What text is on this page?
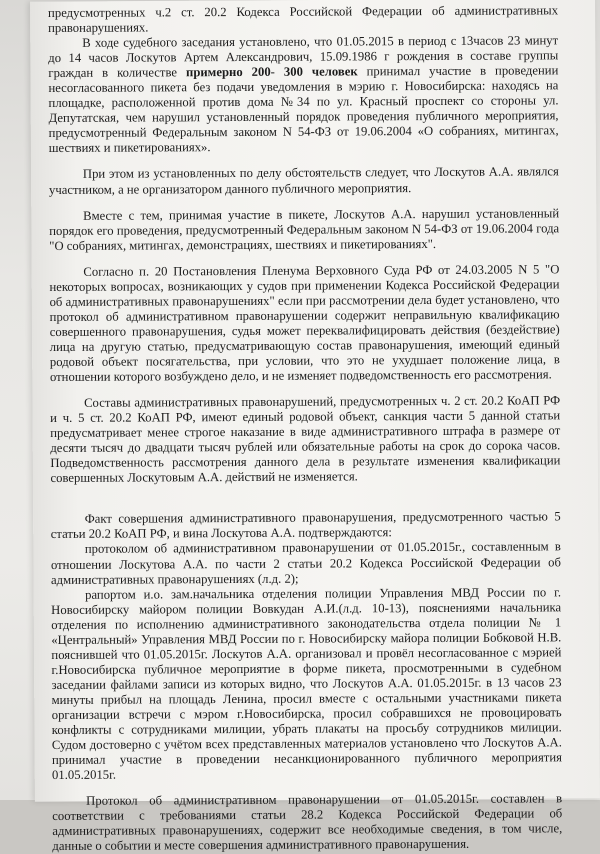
предусмотренных ч.2 ст. 20.2 Кодекса Российской Федерации об административных правонарушениях.

В ходе судебного заседания установлено, что 01.05.2015 в период с 13часов 23 минут до 14 часов Лоскутов Артем Александрович, 15.09.1986 г рождения в составе группы граждан в количестве примерно 200- 300 человек принимал участие в проведении несогласованного пикета без подачи уведомления в мэрию г. Новосибирска: находясь на площадке, расположенной против дома №34 по ул. Красный проспект со стороны ул. Депутатская, чем нарушил установленный порядок проведения публичного мероприятия, предусмотренный Федеральным законом N 54-ФЗ от 19.06.2004 «О собраниях, митингах, шествиях и пикетированиях».

При этом из установленных по делу обстоятельств следует, что Лоскутов А.А. являлся участником, а не организатором данного публичного мероприятия.

Вместе с тем, принимая участие в пикете, Лоскутов А.А. нарушил установленный порядок его проведения, предусмотренный Федеральным законом N 54-ФЗ от 19.06.2004 года "О собраниях, митингах, демонстрациях, шествиях и пикетированиях".

Согласно п. 20 Постановления Пленума Верховного Суда РФ от 24.03.2005 N 5 "О некоторых вопросах, возникающих у судов при применении Кодекса Российской Федерации об административных правонарушениях" если при рассмотрении дела будет установлено, что протокол об административном правонарушении содержит неправильную квалификацию совершенного правонарушения, судья может переквалифицировать действия (бездействие) лица на другую статью, предусматривающую состав правонарушения, имеющий единый родовой объект посягательства, при условии, что это не ухудшает положение лица, в отношении которого возбуждено дело, и не изменяет подведомственность его рассмотрения.

Составы административных правонарушений, предусмотренных ч. 2 ст. 20.2 КоАП РФ и ч. 5 ст. 20.2 КоАП РФ, имеют единый родовой объект, санкция части 5 данной статьи предусматривает менее строгое наказание в виде административного штрафа в размере от десяти тысяч до двадцати тысяч рублей или обязательные работы на срок до сорока часов. Подведомственность рассмотрения данного дела в результате изменения квалификации совершенных Лоскутовым А.А. действий не изменяется.

Факт совершения административного правонарушения, предусмотренного частью 5 статьи 20.2 КоАП РФ, и вина Лоскутова А.А. подтверждаются:

протоколом об административном правонарушении от 01.05.2015г., составленным в отношении Лоскутова А.А. по части 2 статьи 20.2 Кодекса Российской Федерации об административных правонарушениях (л.д. 2);

рапортом и.о. зам.начальника отделения полиции Управления МВД России по г. Новосибирску майором полиции Вовкудан А.И.(л.д. 10-13), пояснениями начальника отделения по исполнению административного законодательства отдела полиции № 1 «Центральный» Управления МВД России по г. Новосибирску майора полиции Бобковой Н.В. пояснившей что 01.05.2015г. Лоскутов А.А. организовал и провёл несогласованное с мэрией г.Новосибирска публичное мероприятие в форме пикета, просмотренными в судебном заседании файлами записи из которых видно, что Лоскутов А.А. 01.05.2015г. в 13 часов 23 минуты прибыл на площадь Ленина, просил вместе с остальными участниками пикета организации встречи с мэром г.Новосибирска, просил собравшихся не провоцировать конфликты с сотрудниками милиции, убрать плакаты на просьбу сотрудников милиции. Судом достоверно с учётом всех представленных материалов установлено что Лоскутов А.А. принимал участие в проведении несанкционированного публичного мероприятия 01.05.2015г.

Протокол об административном правонарушении от 01.05.2015г. составлен в соответствии с требованиями статьи 28.2 Кодекса Российской Федерации об административных правонарушениях, содержит все необходимые сведения, в том числе, данные о событии и месте совершения административного правонарушения.
